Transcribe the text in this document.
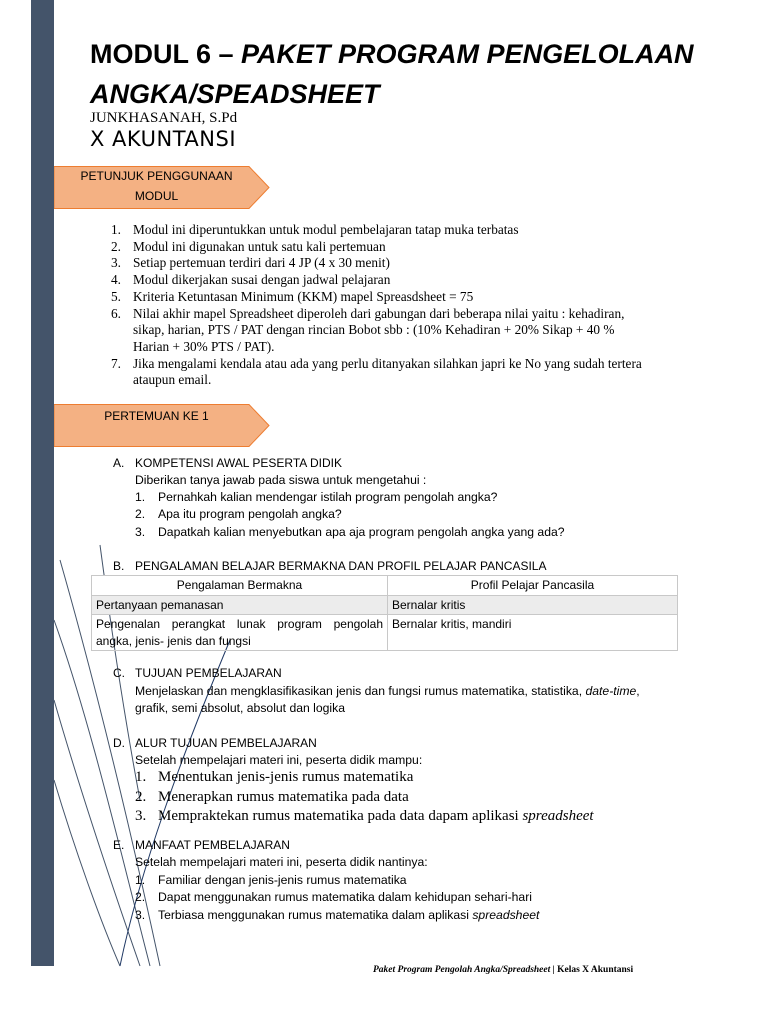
MODUL 6 – PAKET PROGRAM PENGELOLAAN
ANGKA/SPEADSHEET
JUNKHASANAH, S.Pd
X AKUNTANSI
PETUNJUK PENGGUNAAN
MODUL
1. Modul ini diperuntukkan untuk modul pembelajaran tatap muka terbatas
2. Modul ini digunakan untuk satu kali pertemuan
3. Setiap pertemuan terdiri dari 4 JP (4 x 30 menit)
4. Modul dikerjakan susai dengan jadwal pelajaran
5. Kriteria Ketuntasan Minimum (KKM) mapel Spreasdsheet = 75
6. Nilai akhir mapel Spreadsheet diperoleh dari gabungan dari beberapa nilai yaitu : kehadiran,
sikap, harian, PTS / PAT dengan rincian Bobot sbb : (10% Kehadiran + 20% Sikap + 40 %
Harian + 30% PTS / PAT).
7. Jika mengalami kendala atau ada yang perlu ditanyakan silahkan japri ke No yang sudah tertera
ataupun email.
PERTEMUAN KE 1
A. KOMPETENSI AWAL PESERTA DIDIK
Diberikan tanya jawab pada siswa untuk mengetahui :
1. Pernahkah kalian mendengar istilah program pengolah angka?
2. Apa itu program pengolah angka?
3. Dapatkah kalian menyebutkan apa aja program pengolah angka yang ada?
B. PENGALAMAN BELAJAR BERMAKNA DAN PROFIL PELAJAR PANCASILA
Pengalaman Bermakna	Profil Pelajar Pancasila
Pertanyaan pemanasan	Bernalar kritis
Pengenalan perangkat lunak program pengolah angka, jenis- jenis dan fungsi	Bernalar kritis, mandiri
C. TUJUAN PEMBELAJARAN
Menjelaskan dan mengklasifikasikan jenis dan fungsi rumus matematika, statistika, date-time,
grafik, semi absolut, absolut dan logika
D. ALUR TUJUAN PEMBELAJARAN
Setelah mempelajari materi ini, peserta didik mampu:
1. Menentukan jenis-jenis rumus matematika
2. Menerapkan rumus matematika pada data
3. Mempraktekan rumus matematika pada data dapam aplikasi spreadsheet
E. MANFAAT PEMBELAJARAN
Setelah mempelajari materi ini, peserta didik nantinya:
1. Familiar dengan jenis-jenis rumus matematika
2. Dapat menggunakan rumus matematika dalam kehidupan sehari-hari
3. Terbiasa menggunakan rumus matematika dalam aplikasi spreadsheet
Paket Program Pengolah Angka/Spreadsheet | Kelas X Akuntansi
